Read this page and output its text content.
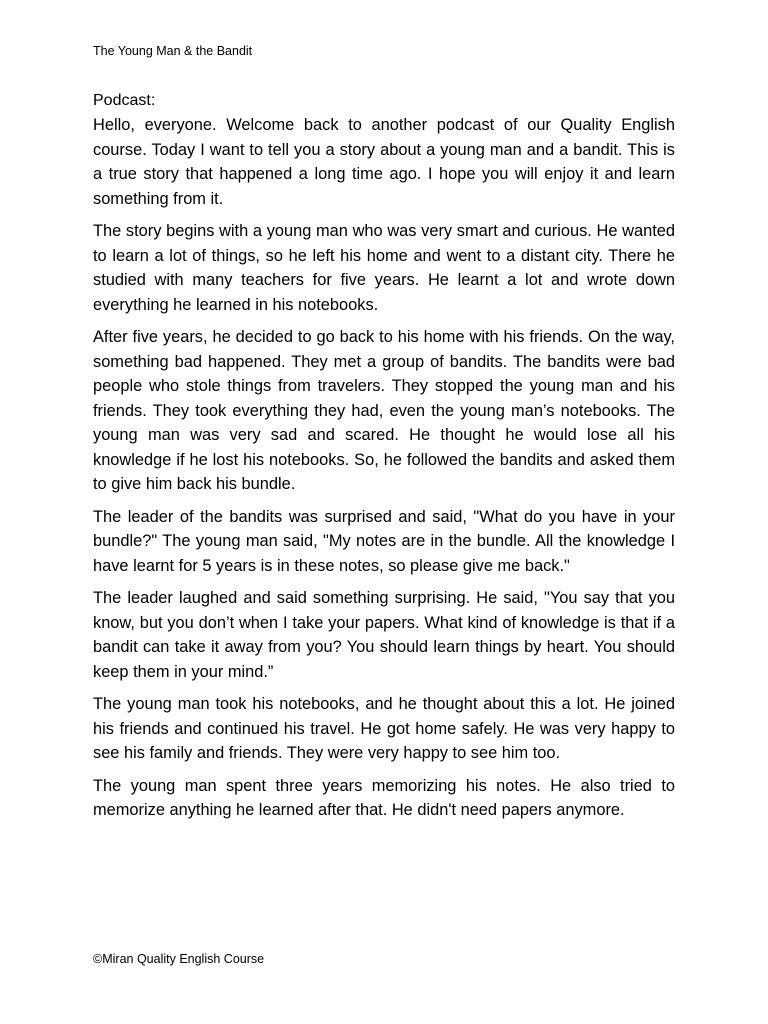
The Young Man & the Bandit
Podcast:

Hello, everyone. Welcome back to another podcast of our Quality English course. Today I want to tell you a story about a young man and a bandit. This is a true story that happened a long time ago. I hope you will enjoy it and learn something from it.

The story begins with a young man who was very smart and curious. He wanted to learn a lot of things, so he left his home and went to a distant city. There he studied with many teachers for five years. He learnt a lot and wrote down everything he learned in his notebooks.

After five years, he decided to go back to his home with his friends. On the way, something bad happened. They met a group of bandits. The bandits were bad people who stole things from travelers. They stopped the young man and his friends. They took everything they had, even the young man’s notebooks. The young man was very sad and scared. He thought he would lose all his knowledge if he lost his notebooks. So, he followed the bandits and asked them to give him back his bundle.

The leader of the bandits was surprised and said, "What do you have in your bundle?" The young man said, "My notes are in the bundle. All the knowledge I have learnt for 5 years is in these notes, so please give me back."

The leader laughed and said something surprising. He said, "You say that you know, but you don’t when I take your papers. What kind of knowledge is that if a bandit can take it away from you? You should learn things by heart. You should keep them in your mind.”

The young man took his notebooks, and he thought about this a lot. He joined his friends and continued his travel. He got home safely. He was very happy to see his family and friends. They were very happy to see him too.

The young man spent three years memorizing his notes. He also tried to memorize anything he learned after that. He didn't need papers anymore.

©Miran Quality English Course
